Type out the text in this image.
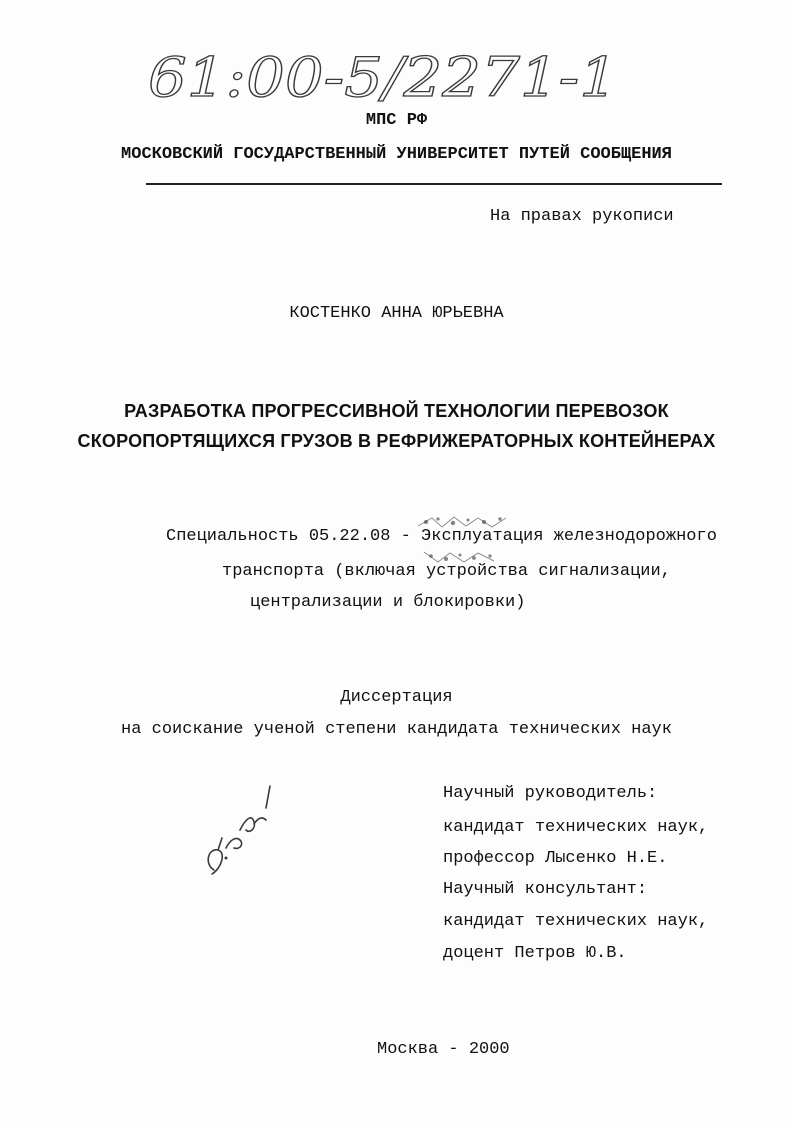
61:00-5/2271-1
МПС РФ
МОСКОВСКИЙ ГОСУДАРСТВЕННЫЙ УНИВЕРСИТЕТ ПУТЕЙ СООБЩЕНИЯ
На правах рукописи
КОСТЕНКО АННА ЮРЬЕВНА
РАЗРАБОТКА ПРОГРЕССИВНОЙ ТЕХНОЛОГИИ ПЕРЕВОЗОК
СКОРОПОРТЯЩИХСЯ ГРУЗОВ В РЕФРИЖЕРАТОРНЫХ КОНТЕЙНЕРАХ
Специальность 05.22.08 - Эксплуатация железнодорожного
транспорта (включая устройства сигнализации,
централизации и блокировки)
Диссертация
на соискание ученой степени кандидата технических наук
Научный руководитель:
кандидат технических наук,
профессор Лысенко Н.Е.
Научный консультант:
кандидат технических наук,
доцент Петров Ю.В.
Москва - 2000
